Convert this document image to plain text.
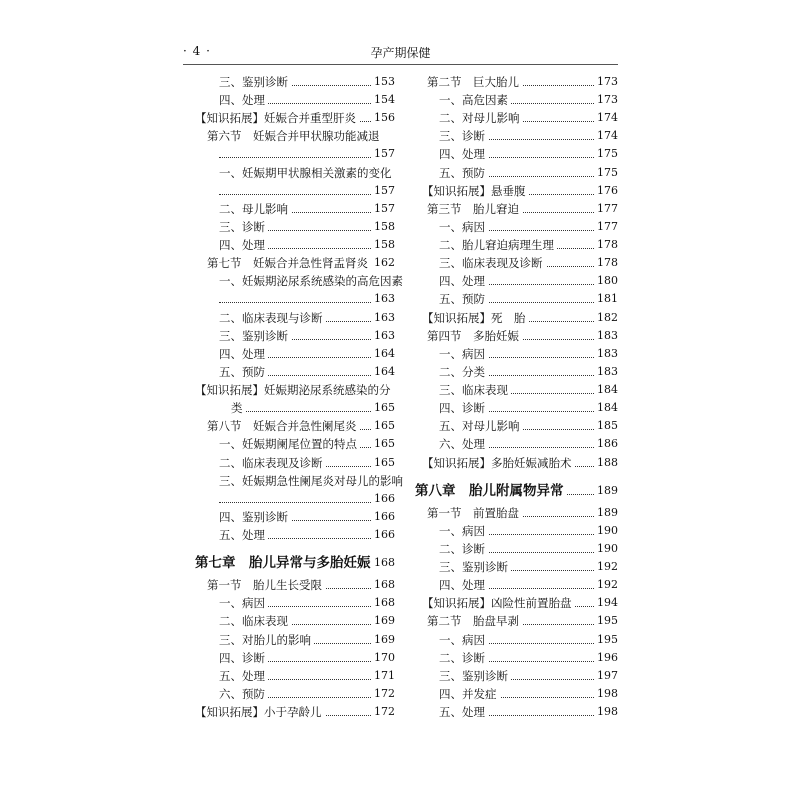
· 4 ·	孕产期保健
三、鉴别诊断	153
四、处理	154
【知识拓展】妊娠合并重型肝炎 156
第六节　妊娠合并甲状腺功能减退
157
一、妊娠期甲状腺相关激素的变化
157
二、母儿影响	157
三、诊断	158
四、处理	158
第七节　妊娠合并急性肾盂肾炎 162
一、妊娠期泌尿系统感染的高危因素
163
二、临床表现与诊断	163
三、鉴别诊断	163
四、处理	164
五、预防	164
【知识拓展】妊娠期泌尿系统感染的分
类	165
第八节　妊娠合并急性阑尾炎 165
一、妊娠期阑尾位置的特点 165
二、临床表现及诊断	165
三、妊娠期急性阑尾炎对母儿的影响
166
四、鉴别诊断	166
五、处理	166
第七章　胎儿异常与多胎妊娠 168
第一节　胎儿生长受限	168
一、病因	168
二、临床表现	169
三、对胎儿的影响	169
四、诊断	170
五、处理	171
六、预防	172
【知识拓展】小于孕龄儿	172
第二节　巨大胎儿	173
一、高危因素	173
二、对母儿影响	174
三、诊断	174
四、处理	175
五、预防	175
【知识拓展】悬垂腹	176
第三节　胎儿窘迫	177
一、病因	177
二、胎儿窘迫病理生理	178
三、临床表现及诊断	178
四、处理	180
五、预防	181
【知识拓展】死　胎	182
第四节　多胎妊娠	183
一、病因	183
二、分类	183
三、临床表现	184
四、诊断	184
五、对母儿影响	185
六、处理	186
【知识拓展】多胎妊娠减胎术 188
第八章　胎儿附属物异常	189
第一节　前置胎盘	189
一、病因	190
二、诊断	190
三、鉴别诊断	192
四、处理	192
【知识拓展】凶险性前置胎盘 194
第二节　胎盘早剥	195
一、病因	195
二、诊断	196
三、鉴别诊断	197
四、并发症	198
五、处理	198
